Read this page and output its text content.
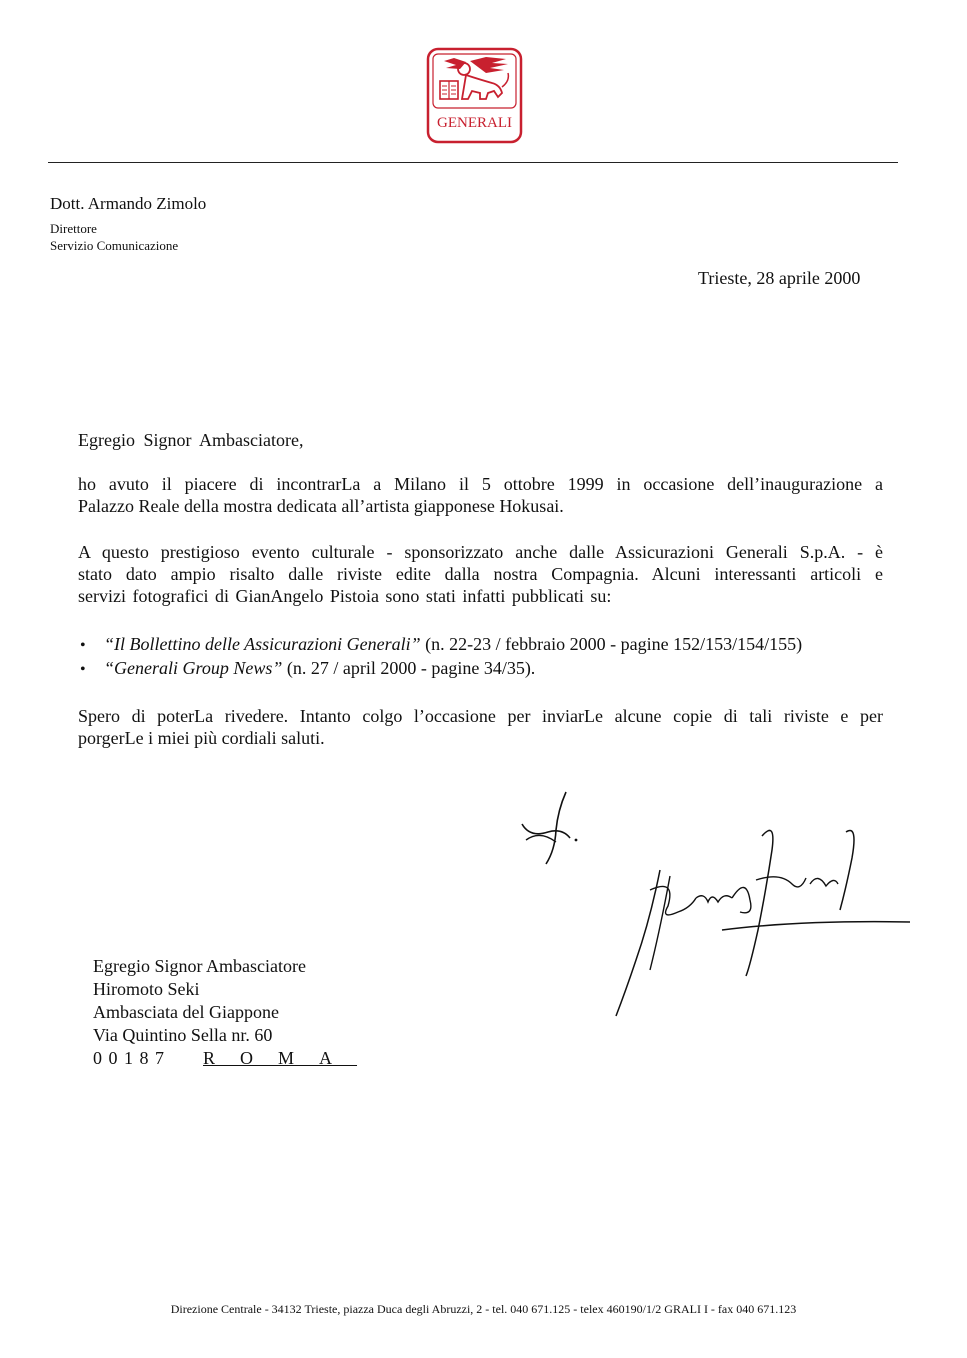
GENERALI
Dott. Armando Zimolo
Direttore
Servizio Comunicazione
Trieste, 28 aprile 2000
Egregio Signor Ambasciatore,
ho avuto il piacere di incontrarLa a Milano il 5 ottobre 1999 in occasione dell’inaugurazione a
Palazzo Reale della mostra dedicata all’artista giapponese Hokusai.
A questo prestigioso evento culturale - sponsorizzato anche dalle Assicurazioni Generali S.p.A. - è
stato dato ampio risalto dalle riviste edite dalla nostra Compagnia. Alcuni interessanti articoli e
servizi fotografici di GianAngelo Pistoia sono stati infatti pubblicati su:
• “Il Bollettino delle Assicurazioni Generali” (n. 22-23 / febbraio 2000 - pagine 152/153/154/155)
• “Generali Group News” (n. 27 / april 2000 - pagine 34/35).
Spero di poterLa rivedere. Intanto colgo l’occasione per inviarLe alcune copie di tali riviste e per
porgerLe i miei più cordiali saluti.
Egregio Signor Ambasciatore
Hiromoto Seki
Ambasciata del Giappone
Via Quintino Sella nr. 60
0 0 1 8 7 ROMA
Direzione Centrale - 34132 Trieste, piazza Duca degli Abruzzi, 2 - tel. 040 671.125 - telex 460190/1/2 GRALI I - fax 040 671.123
